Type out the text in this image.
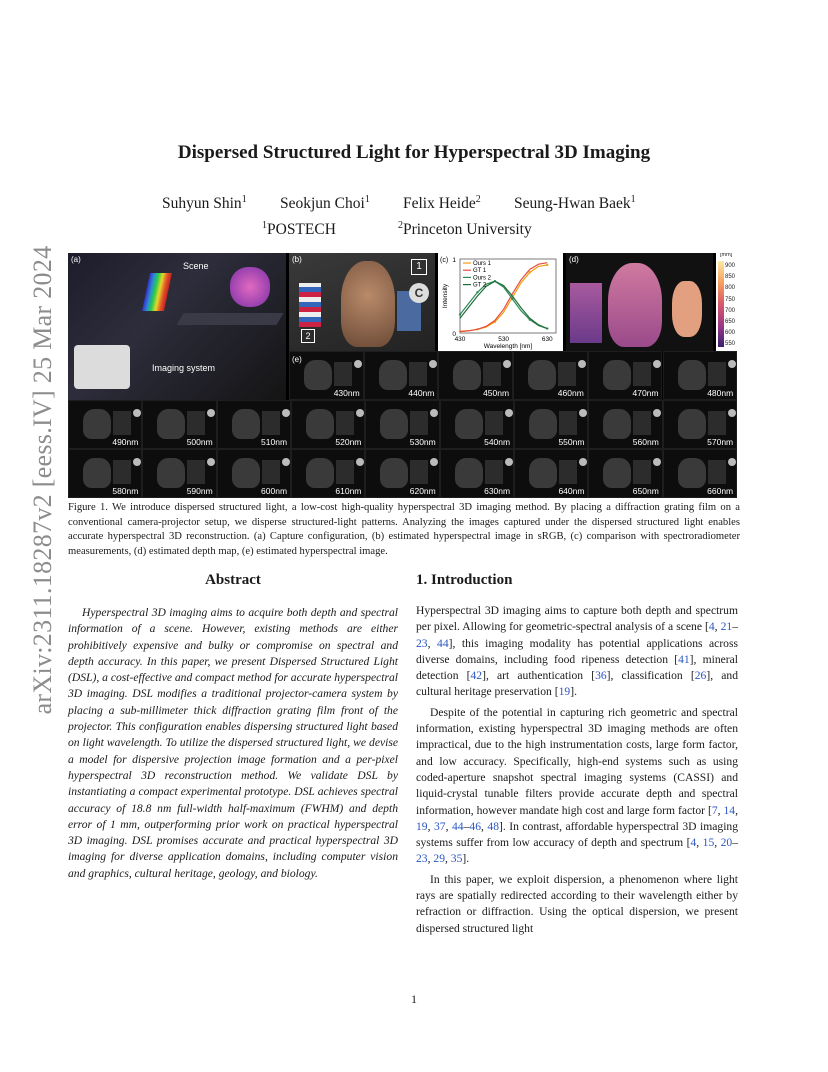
arXiv:2311.18287v2 [eess.IV] 25 Mar 2024
Dispersed Structured Light for Hyperspectral 3D Imaging
Suhyun Shin$^1$ Seokjun Choi$^1$ Felix Heide$^2$ Seung-Hwan Baek$^1$
$^1$ POSTECH	$^2$ Princeton University
(a)
Scene
Imaging system
(b)
1
C
2
(c) 1
0
430	530	630
Wavelength [nm]
Intensity
Ours 1
GT 1
Ours 2
GT 2
(d)	[mm]
900
850
800
750
700
650
600
550
430nm	440nm	450nm	460nm	470nm	480nm
490nm	500nm	510nm	520nm	530nm	540nm	550nm	560nm	570nm
580nm	590nm	600nm	610nm	620nm	630nm	640nm	650nm	660nm
(e)
Figure 1. We introduce dispersed structured light, a low-cost high-quality hyperspectral 3D imaging method. By placing a diffraction grating film on a conventional camera-projector setup, we disperse structured-light patterns. Analyzing the images captured under the dispersed structured light enables accurate hyperspectral 3D reconstruction. (a) Capture configuration, (b) estimated hyperspectral image in sRGB, (c) comparison with spectroradiometer measurements, (d) estimated depth map, (e) estimated hyperspectral image.
Abstract
Hyperspectral 3D imaging aims to acquire both depth and spectral information of a scene. However, existing methods are either prohibitively expensive and bulky or compromise on spectral and depth accuracy. In this paper, we present Dispersed Structured Light (DSL), a cost-effective and compact method for accurate hyperspectral 3D imaging. DSL modifies a traditional projector-camera system by placing a sub-millimeter thick diffraction grating film front of the projector. This configuration enables dispersing structured light based on light wavelength. To utilize the dispersed structured light, we devise a model for dispersive projection image formation and a per-pixel hyperspectral 3D reconstruction method. We validate DSL by instantiating a compact experimental prototype. DSL achieves spectral accuracy of 18.8 nm full-width half-maximum (FWHM) and depth error of 1 mm, outperforming prior work on practical hyperspectral 3D imaging. DSL promises accurate and practical hyperspectral 3D imaging for diverse application domains, including computer vision and graphics, cultural heritage, geology, and biology.
1. Introduction

Hyperspectral 3D imaging aims to capture both depth and spectrum per pixel. Allowing for geometric-spectral analysis of a scene [4, 21–23, 44], this imaging modality has potential applications across diverse domains, including food ripeness detection [41], mineral detection [42], art authentication [36], classification [26], and cultural heritage preservation [19].

Despite of the potential in capturing rich geometric and spectral information, existing hyperspectral 3D imaging methods are often impractical, due to the high instrumentation costs, large form factor, and low accuracy. Specifically, high-end systems such as using coded-aperture snapshot spectral imaging systems (CASSI) and liquid-crystal tunable filters provide accurate depth and spectral information, however mandate high cost and large form factor [7, 14, 19, 37, 44–46, 48]. In contrast, affordable hyperspectral 3D imaging systems suffer from low accuracy of depth and spectrum [4, 15, 20–23, 29, 35].

In this paper, we exploit dispersion, a phenomenon where light rays are spatially redirected according to their wavelength either by refraction or diffraction. Using the optical dispersion, we present dispersed structured light

1
